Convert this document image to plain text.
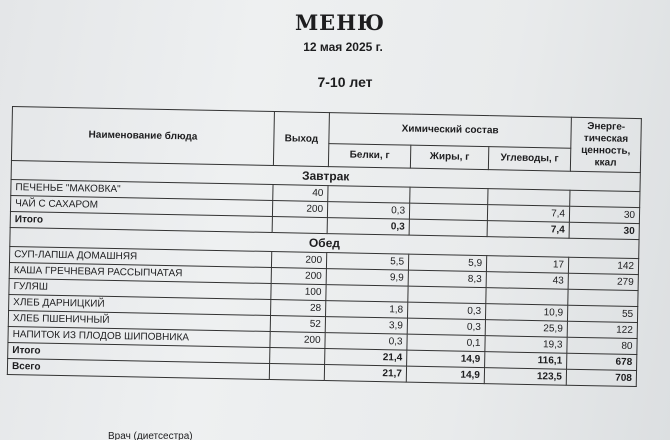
МЕНЮ
12 мая 2025 г.
7-10 лет
Наименование блюда	Выход	Химический состав			Энерге-тическая ценность, ккал
		Белки, г	Жиры, г	Углеводы, г	
Завтрак					
ПЕЧЕНЬЕ "МАКОВКА"	40				
ЧАЙ С САХАРОМ	200	0,3		7,4	30
Итого		0,3		7,4	30
Обед					
СУП-ЛАПША ДОМАШНЯЯ	200	5,5	5,9	17	142
КАША ГРЕЧНЕВАЯ РАССЫПЧАТАЯ	200	9,9	8,3	43	279
ГУЛЯШ	100				
ХЛЕБ ДАРНИЦКИЙ	28	1,8	0,3	10,9	55
ХЛЕБ ПШЕНИЧНЫЙ	52	3,9	0,3	25,9	122
НАПИТОК ИЗ ПЛОДОВ ШИПОВНИКА	200	0,3	0,1	19,3	80
Итого		21,4	14,9	116,1	678
Всего		21,7	14,9	123,5	708
Врач (диетсестра)
